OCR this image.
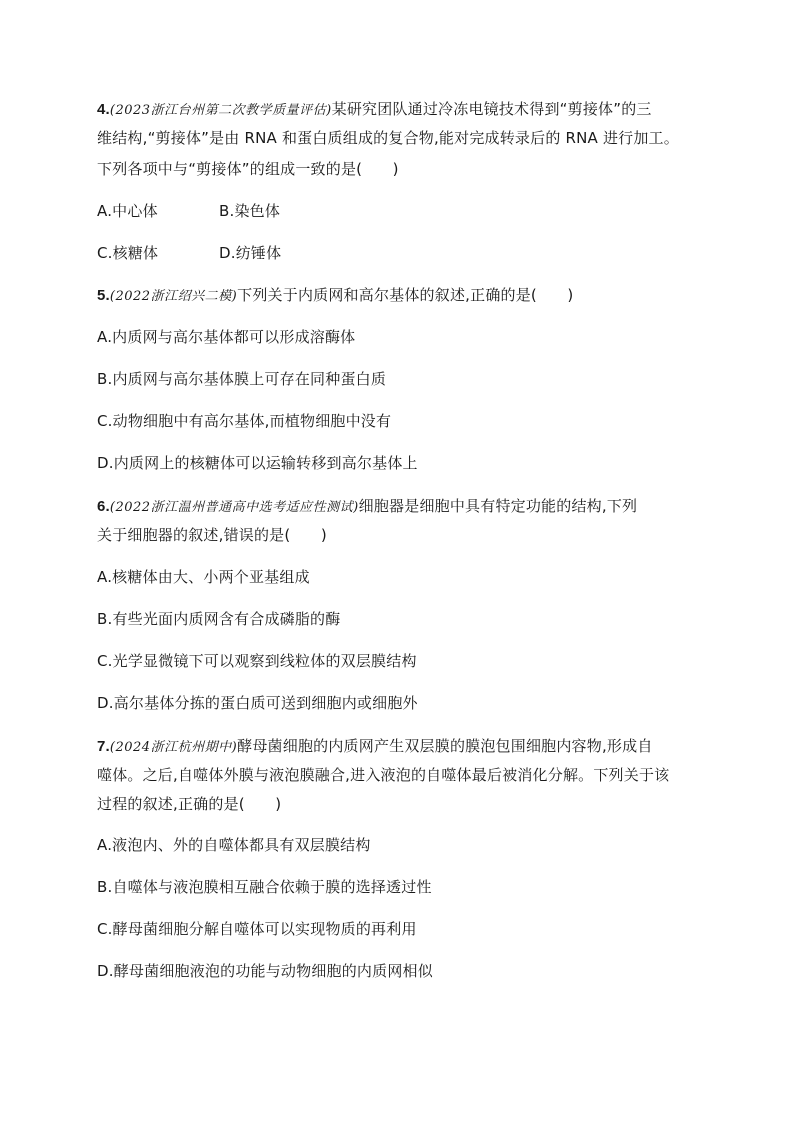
4.(2023浙江台州第二次教学质量评估)某研究团队通过冷冻电镜技术得到“剪接体”的三
维结构,“剪接体”是由 RNA 和蛋白质组成的复合物,能对完成转录后的 RNA 进行加工。
下列各项中与“剪接体”的组成一致的是(　　)
A.中心体	B.染色体
C.核糖体	D.纺锤体
5.(2022浙江绍兴二模)下列关于内质网和高尔基体的叙述,正确的是(　　)
A.内质网与高尔基体都可以形成溶酶体
B.内质网与高尔基体膜上可存在同种蛋白质
C.动物细胞中有高尔基体,而植物细胞中没有
D.内质网上的核糖体可以运输转移到高尔基体上
6.(2022浙江温州普通高中选考适应性测试)细胞器是细胞中具有特定功能的结构,下列
关于细胞器的叙述,错误的是(　　)
A.核糖体由大、小两个亚基组成
B.有些光面内质网含有合成磷脂的酶
C.光学显微镜下可以观察到线粒体的双层膜结构
D.高尔基体分拣的蛋白质可送到细胞内或细胞外
7.(2024浙江杭州期中)酵母菌细胞的内质网产生双层膜的膜泡包围细胞内容物,形成自
噬体。之后,自噬体外膜与液泡膜融合,进入液泡的自噬体最后被消化分解。下列关于该
过程的叙述,正确的是(　　)
A.液泡内、外的自噬体都具有双层膜结构
B.自噬体与液泡膜相互融合依赖于膜的选择透过性
C.酵母菌细胞分解自噬体可以实现物质的再利用
D.酵母菌细胞液泡的功能与动物细胞的内质网相似
